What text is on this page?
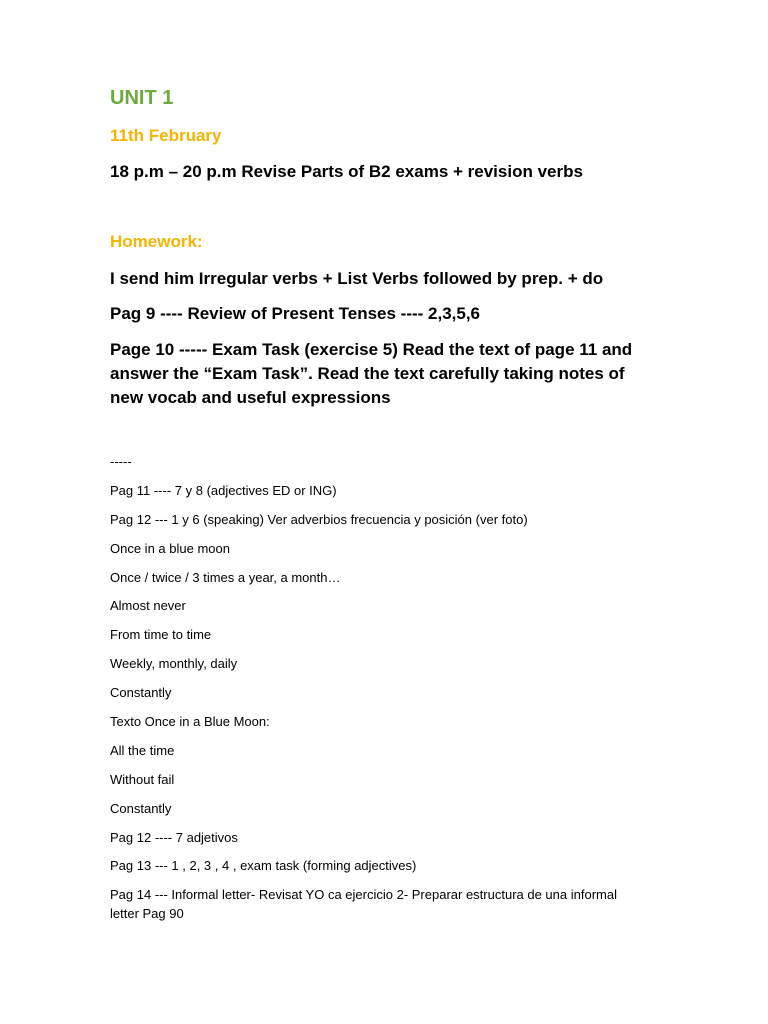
UNIT 1
11th February
18 p.m – 20 p.m Revise Parts of B2 exams + revision verbs
Homework:
I send him Irregular verbs + List Verbs followed by prep. + do
Pag 9 ---- Review of Present Tenses ---- 2,3,5,6
Page 10 ----- Exam Task (exercise 5) Read the text of page 11 and answer the “Exam Task”. Read the text carefully taking notes of new vocab and useful expressions
-----
Pag 11 ---- 7 y 8 (adjectives ED or ING)
Pag 12 --- 1 y 6 (speaking) Ver adverbios frecuencia y posición (ver foto)
Once in a blue moon
Once / twice / 3 times a year, a month…
Almost never
From time to time
Weekly, monthly, daily
Constantly
Texto Once in a Blue Moon:
All the time
Without fail
Constantly
Pag 12 ---- 7 adjetivos
Pag 13 --- 1 , 2, 3 , 4 , exam task (forming adjectives)
Pag 14 --- Informal letter- Revisat YO ca ejercicio 2- Preparar estructura de una informal letter Pag 90
